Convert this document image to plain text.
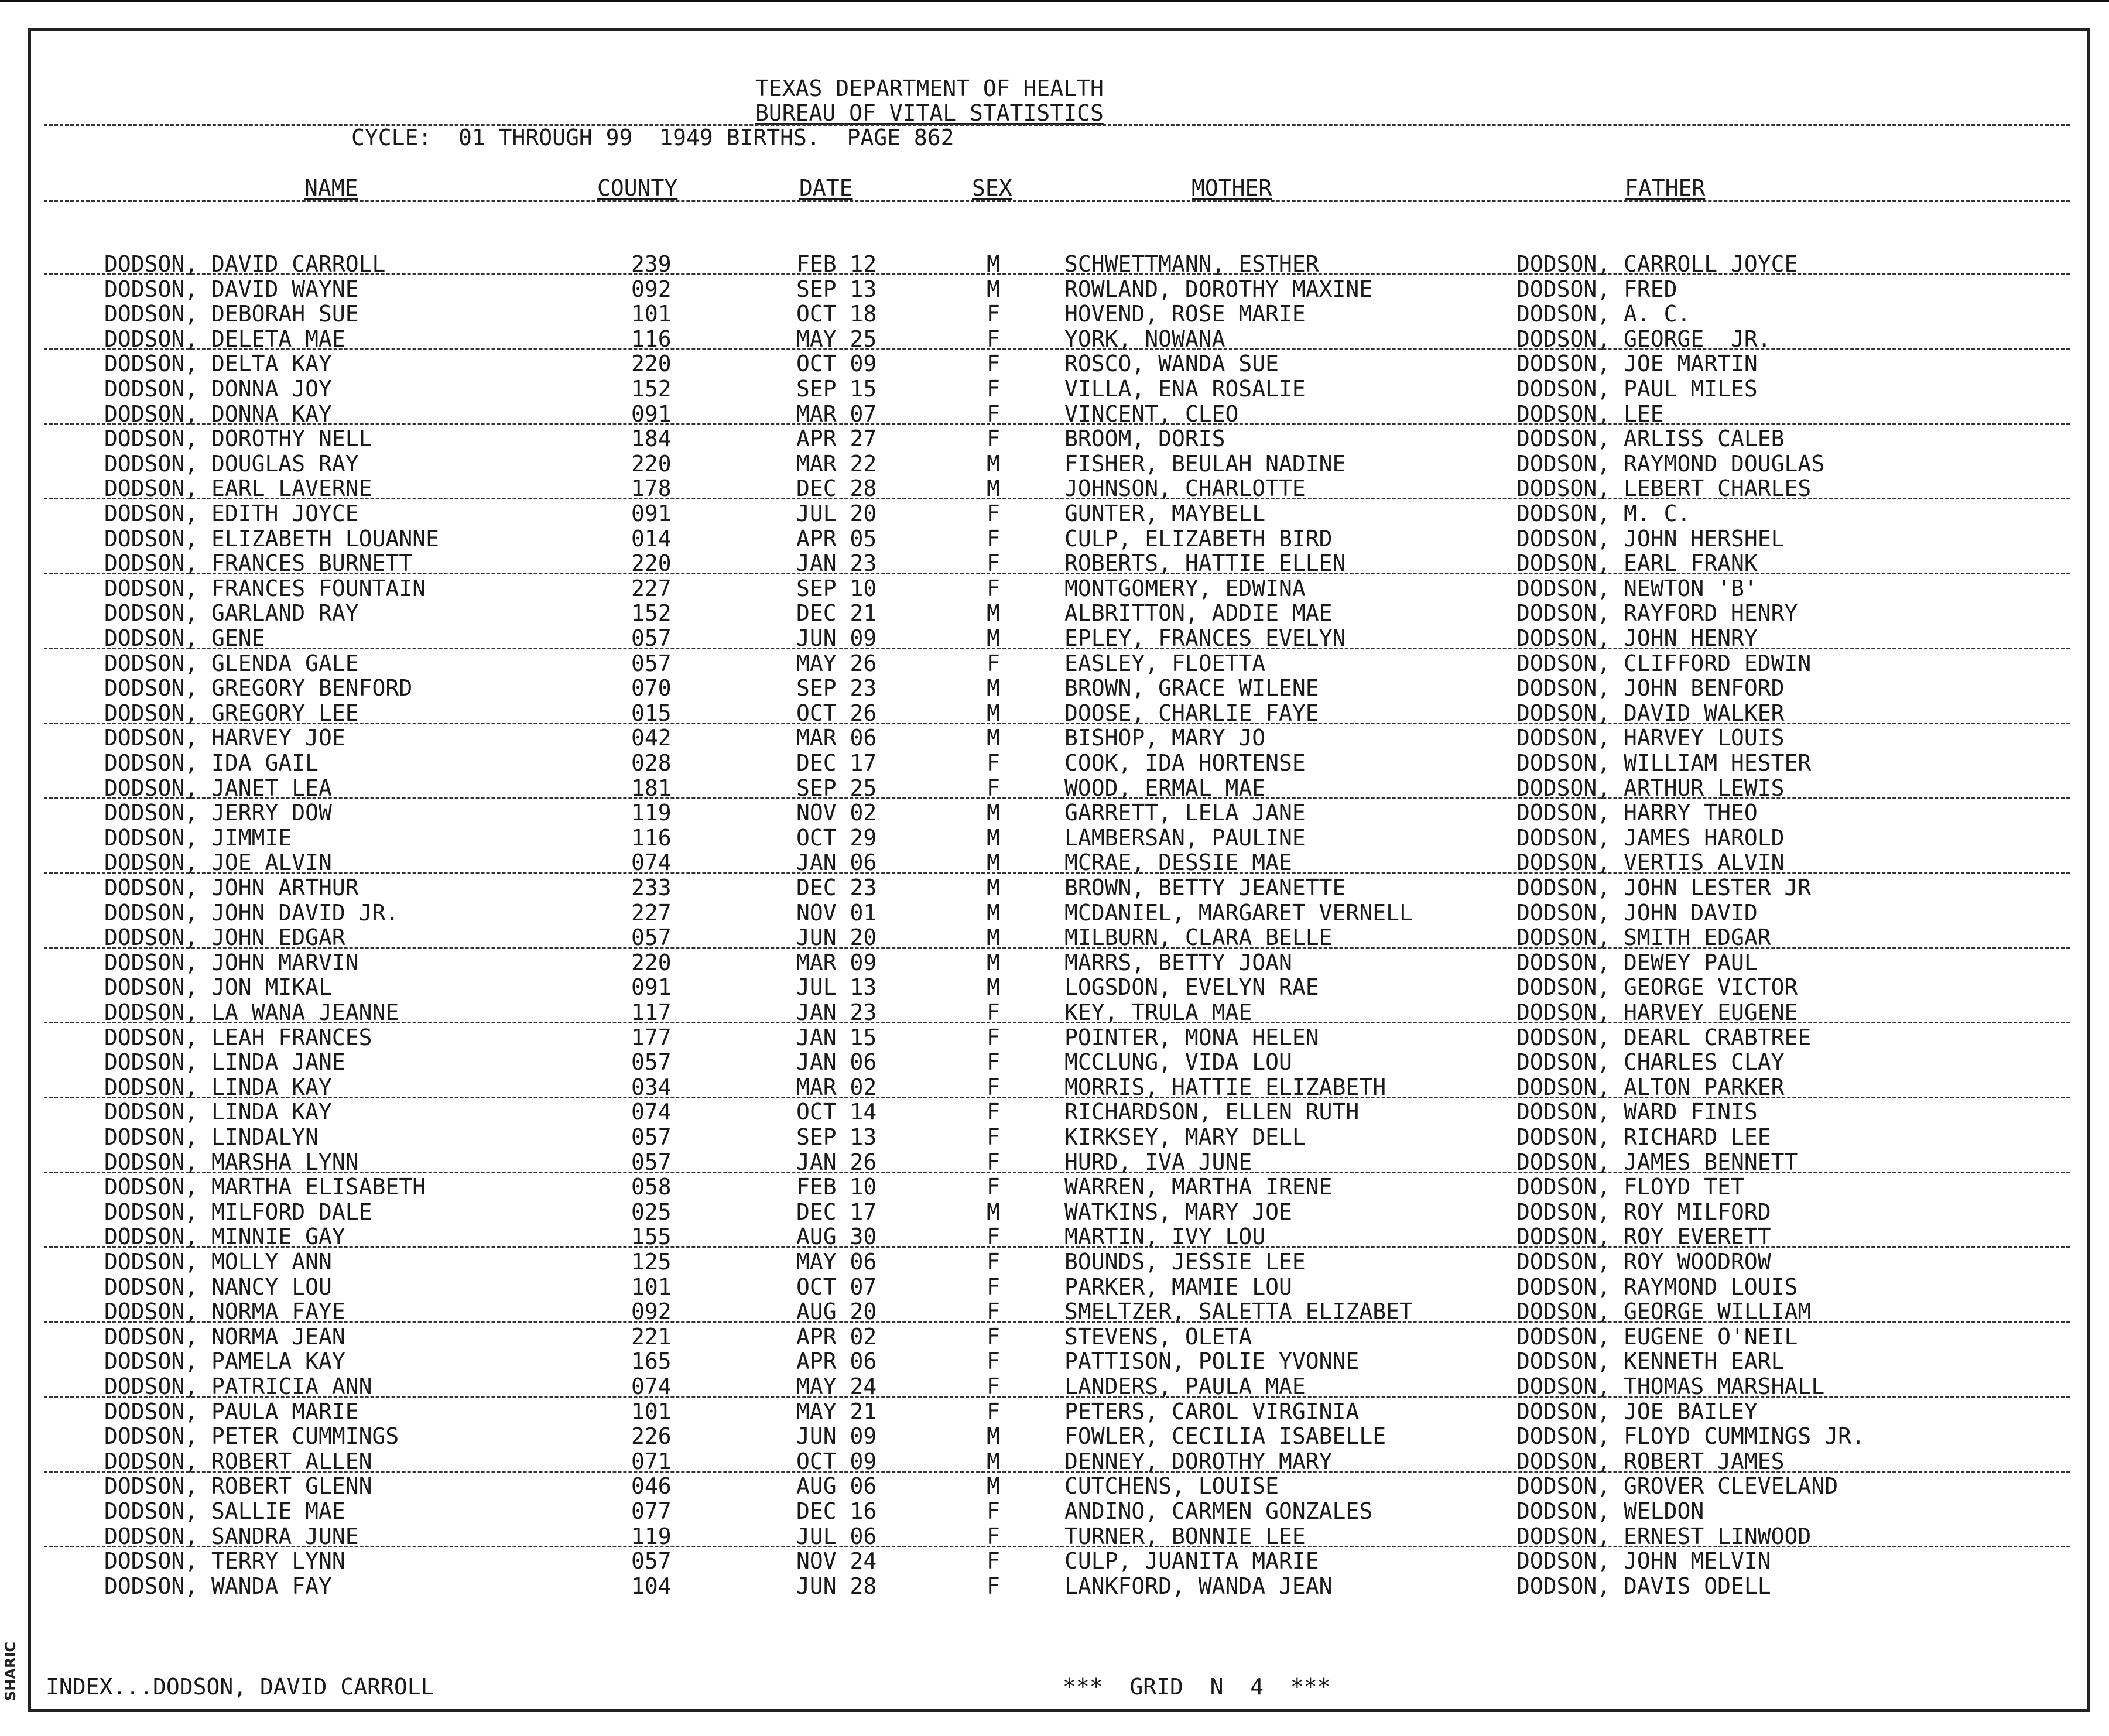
SHARIC
TEXAS DEPARTMENT OF HEALTH
BUREAU OF VITAL STATISTICS
CYCLE:  01 THROUGH 99  1949 BIRTHS.  PAGE 862
NAME	COUNTY	DATE	SEX	MOTHER	FATHER
DODSON, DAVID CARROLL	239	FEB 12	M	SCHWETTMANN, ESTHER	DODSON, CARROLL JOYCE
DODSON, DAVID WAYNE	092	SEP 13	M	ROWLAND, DOROTHY MAXINE	DODSON, FRED
DODSON, DEBORAH SUE	101	OCT 18	F	HOVEND, ROSE MARIE	DODSON, A. C.
DODSON, DELETA MAE	116	MAY 25	F	YORK, NOWANA	DODSON, GEORGE  JR.
DODSON, DELTA KAY	220	OCT 09	F	ROSCO, WANDA SUE	DODSON, JOE MARTIN
DODSON, DONNA JOY	152	SEP 15	F	VILLA, ENA ROSALIE	DODSON, PAUL MILES
DODSON, DONNA KAY	091	MAR 07	F	VINCENT, CLEO	DODSON, LEE
DODSON, DOROTHY NELL	184	APR 27	F	BROOM, DORIS	DODSON, ARLISS CALEB
DODSON, DOUGLAS RAY	220	MAR 22	M	FISHER, BEULAH NADINE	DODSON, RAYMOND DOUGLAS
DODSON, EARL LAVERNE	178	DEC 28	M	JOHNSON, CHARLOTTE	DODSON, LEBERT CHARLES
DODSON, EDITH JOYCE	091	JUL 20	F	GUNTER, MAYBELL	DODSON, M. C.
DODSON, ELIZABETH LOUANNE	014	APR 05	F	CULP, ELIZABETH BIRD	DODSON, JOHN HERSHEL
DODSON, FRANCES BURNETT	220	JAN 23	F	ROBERTS, HATTIE ELLEN	DODSON, EARL FRANK
DODSON, FRANCES FOUNTAIN	227	SEP 10	F	MONTGOMERY, EDWINA	DODSON, NEWTON 'B'
DODSON, GARLAND RAY	152	DEC 21	M	ALBRITTON, ADDIE MAE	DODSON, RAYFORD HENRY
DODSON, GENE	057	JUN 09	M	EPLEY, FRANCES EVELYN	DODSON, JOHN HENRY
DODSON, GLENDA GALE	057	MAY 26	F	EASLEY, FLOETTA	DODSON, CLIFFORD EDWIN
DODSON, GREGORY BENFORD	070	SEP 23	M	BROWN, GRACE WILENE	DODSON, JOHN BENFORD
DODSON, GREGORY LEE	015	OCT 26	M	DOOSE, CHARLIE FAYE	DODSON, DAVID WALKER
DODSON, HARVEY JOE	042	MAR 06	M	BISHOP, MARY JO	DODSON, HARVEY LOUIS
DODSON, IDA GAIL	028	DEC 17	F	COOK, IDA HORTENSE	DODSON, WILLIAM HESTER
DODSON, JANET LEA	181	SEP 25	F	WOOD, ERMAL MAE	DODSON, ARTHUR LEWIS
DODSON, JERRY DOW	119	NOV 02	M	GARRETT, LELA JANE	DODSON, HARRY THEO
DODSON, JIMMIE	116	OCT 29	M	LAMBERSAN, PAULINE	DODSON, JAMES HAROLD
DODSON, JOE ALVIN	074	JAN 06	M	MCRAE, DESSIE MAE	DODSON, VERTIS ALVIN
DODSON, JOHN ARTHUR	233	DEC 23	M	BROWN, BETTY JEANETTE	DODSON, JOHN LESTER JR
DODSON, JOHN DAVID JR.	227	NOV 01	M	MCDANIEL, MARGARET VERNELL	DODSON, JOHN DAVID
DODSON, JOHN EDGAR	057	JUN 20	M	MILBURN, CLARA BELLE	DODSON, SMITH EDGAR
DODSON, JOHN MARVIN	220	MAR 09	M	MARRS, BETTY JOAN	DODSON, DEWEY PAUL
DODSON, JON MIKAL	091	JUL 13	M	LOGSDON, EVELYN RAE	DODSON, GEORGE VICTOR
DODSON, LA WANA JEANNE	117	JAN 23	F	KEY, TRULA MAE	DODSON, HARVEY EUGENE
DODSON, LEAH FRANCES	177	JAN 15	F	POINTER, MONA HELEN	DODSON, DEARL CRABTREE
DODSON, LINDA JANE	057	JAN 06	F	MCCLUNG, VIDA LOU	DODSON, CHARLES CLAY
DODSON, LINDA KAY	034	MAR 02	F	MORRIS, HATTIE ELIZABETH	DODSON, ALTON PARKER
DODSON, LINDA KAY	074	OCT 14	F	RICHARDSON, ELLEN RUTH	DODSON, WARD FINIS
DODSON, LINDALYN	057	SEP 13	F	KIRKSEY, MARY DELL	DODSON, RICHARD LEE
DODSON, MARSHA LYNN	057	JAN 26	F	HURD, IVA JUNE	DODSON, JAMES BENNETT
DODSON, MARTHA ELISABETH	058	FEB 10	F	WARREN, MARTHA IRENE	DODSON, FLOYD TET
DODSON, MILFORD DALE	025	DEC 17	M	WATKINS, MARY JOE	DODSON, ROY MILFORD
DODSON, MINNIE GAY	155	AUG 30	F	MARTIN, IVY LOU	DODSON, ROY EVERETT
DODSON, MOLLY ANN	125	MAY 06	F	BOUNDS, JESSIE LEE	DODSON, ROY WOODROW
DODSON, NANCY LOU	101	OCT 07	F	PARKER, MAMIE LOU	DODSON, RAYMOND LOUIS
DODSON, NORMA FAYE	092	AUG 20	F	SMELTZER, SALETTA ELIZABET	DODSON, GEORGE WILLIAM
DODSON, NORMA JEAN	221	APR 02	F	STEVENS, OLETA	DODSON, EUGENE O'NEIL
DODSON, PAMELA KAY	165	APR 06	F	PATTISON, POLIE YVONNE	DODSON, KENNETH EARL
DODSON, PATRICIA ANN	074	MAY 24	F	LANDERS, PAULA MAE	DODSON, THOMAS MARSHALL
DODSON, PAULA MARIE	101	MAY 21	F	PETERS, CAROL VIRGINIA	DODSON, JOE BAILEY
DODSON, PETER CUMMINGS	226	JUN 09	M	FOWLER, CECILIA ISABELLE	DODSON, FLOYD CUMMINGS JR.
DODSON, ROBERT ALLEN	071	OCT 09	M	DENNEY, DOROTHY MARY	DODSON, ROBERT JAMES
DODSON, ROBERT GLENN	046	AUG 06	M	CUTCHENS, LOUISE	DODSON, GROVER CLEVELAND
DODSON, SALLIE MAE	077	DEC 16	F	ANDINO, CARMEN GONZALES	DODSON, WELDON
DODSON, SANDRA JUNE	119	JUL 06	F	TURNER, BONNIE LEE	DODSON, ERNEST LINWOOD
DODSON, TERRY LYNN	057	NOV 24	F	CULP, JUANITA MARIE	DODSON, JOHN MELVIN
DODSON, WANDA FAY	104	JUN 28	F	LANKFORD, WANDA JEAN	DODSON, DAVIS ODELL
INDEX...DODSON, DAVID CARROLL	***  GRID  N  4  ***
